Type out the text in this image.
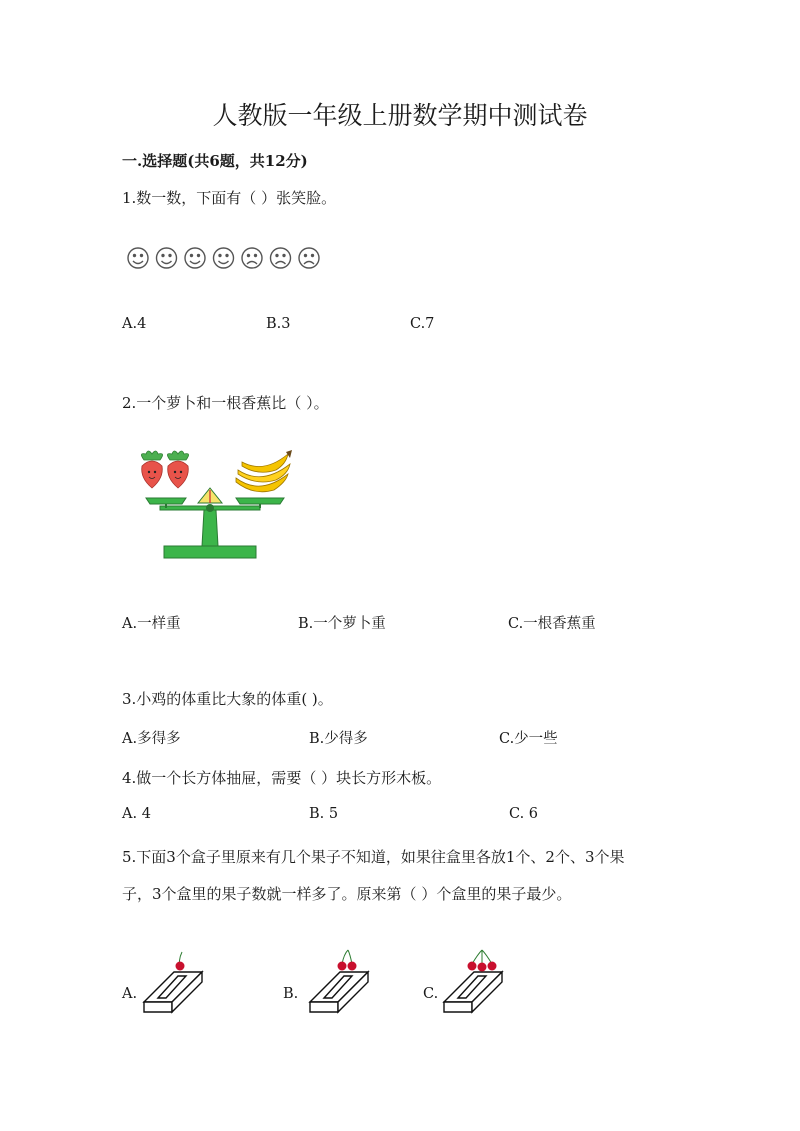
人教版一年级上册数学期中测试卷
一.选择题(共6题，共12分)
1.数一数，下面有（ ）张笑脸。
A.4	B.3	C.7
2.一个萝卜和一根香蕉比（ ）。
A.一样重	B.一个萝卜重	C.一根香蕉重
3.小鸡的体重比大象的体重( )。
A.多得多	B.少得多	C.少一些
4.做一个长方体抽屉，需要（ ）块长方形木板。
A. 4	B. 5	C. 6
5.下面3个盒子里原来有几个果子不知道，如果往盒里各放1个、2个、3个果
子，3个盒里的果子数就一样多了。原来第（ ）个盒里的果子最少。
A.	B.	C.
